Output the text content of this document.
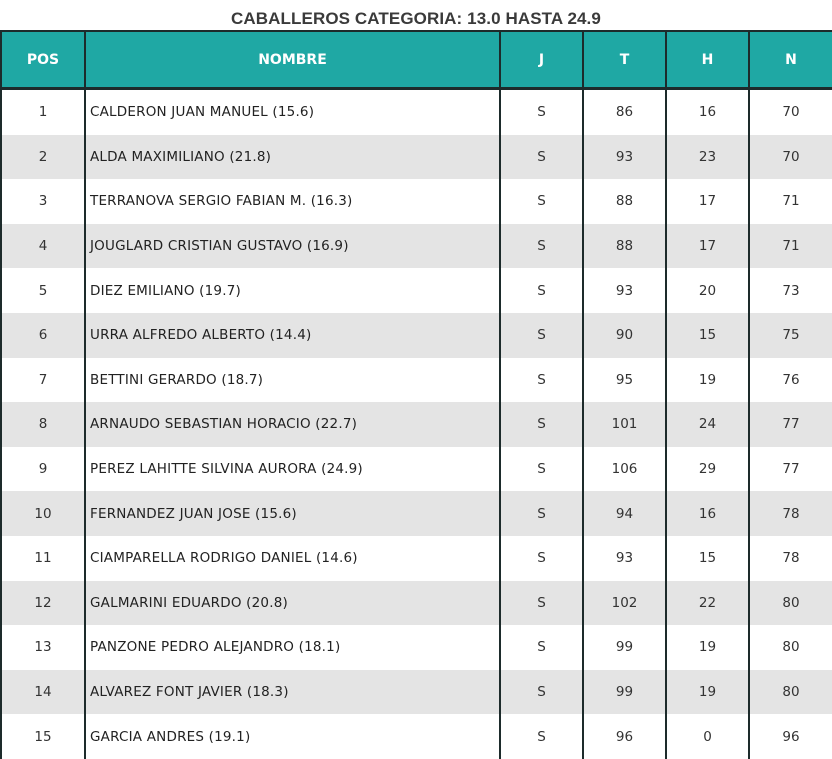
CABALLEROS CATEGORIA: 13.0 HASTA 24.9
POS	NOMBRE	J	T	H	N
1	CALDERON JUAN MANUEL (15.6)	S	86	16	70
2	ALDA MAXIMILIANO (21.8)	S	93	23	70
3	TERRANOVA SERGIO FABIAN M. (16.3)	S	88	17	71
4	JOUGLARD CRISTIAN GUSTAVO (16.9)	S	88	17	71
5	DIEZ EMILIANO (19.7)	S	93	20	73
6	URRA ALFREDO ALBERTO (14.4)	S	90	15	75
7	BETTINI GERARDO (18.7)	S	95	19	76
8	ARNAUDO SEBASTIAN HORACIO (22.7)	S	101	24	77
9	PEREZ LAHITTE SILVINA AURORA (24.9)	S	106	29	77
10	FERNANDEZ JUAN JOSE (15.6)	S	94	16	78
11	CIAMPARELLA RODRIGO DANIEL (14.6)	S	93	15	78
12	GALMARINI EDUARDO (20.8)	S	102	22	80
13	PANZONE PEDRO ALEJANDRO (18.1)	S	99	19	80
14	ALVAREZ FONT JAVIER (18.3)	S	99	19	80
15	GARCIA ANDRES (19.1)	S	96	0	96
